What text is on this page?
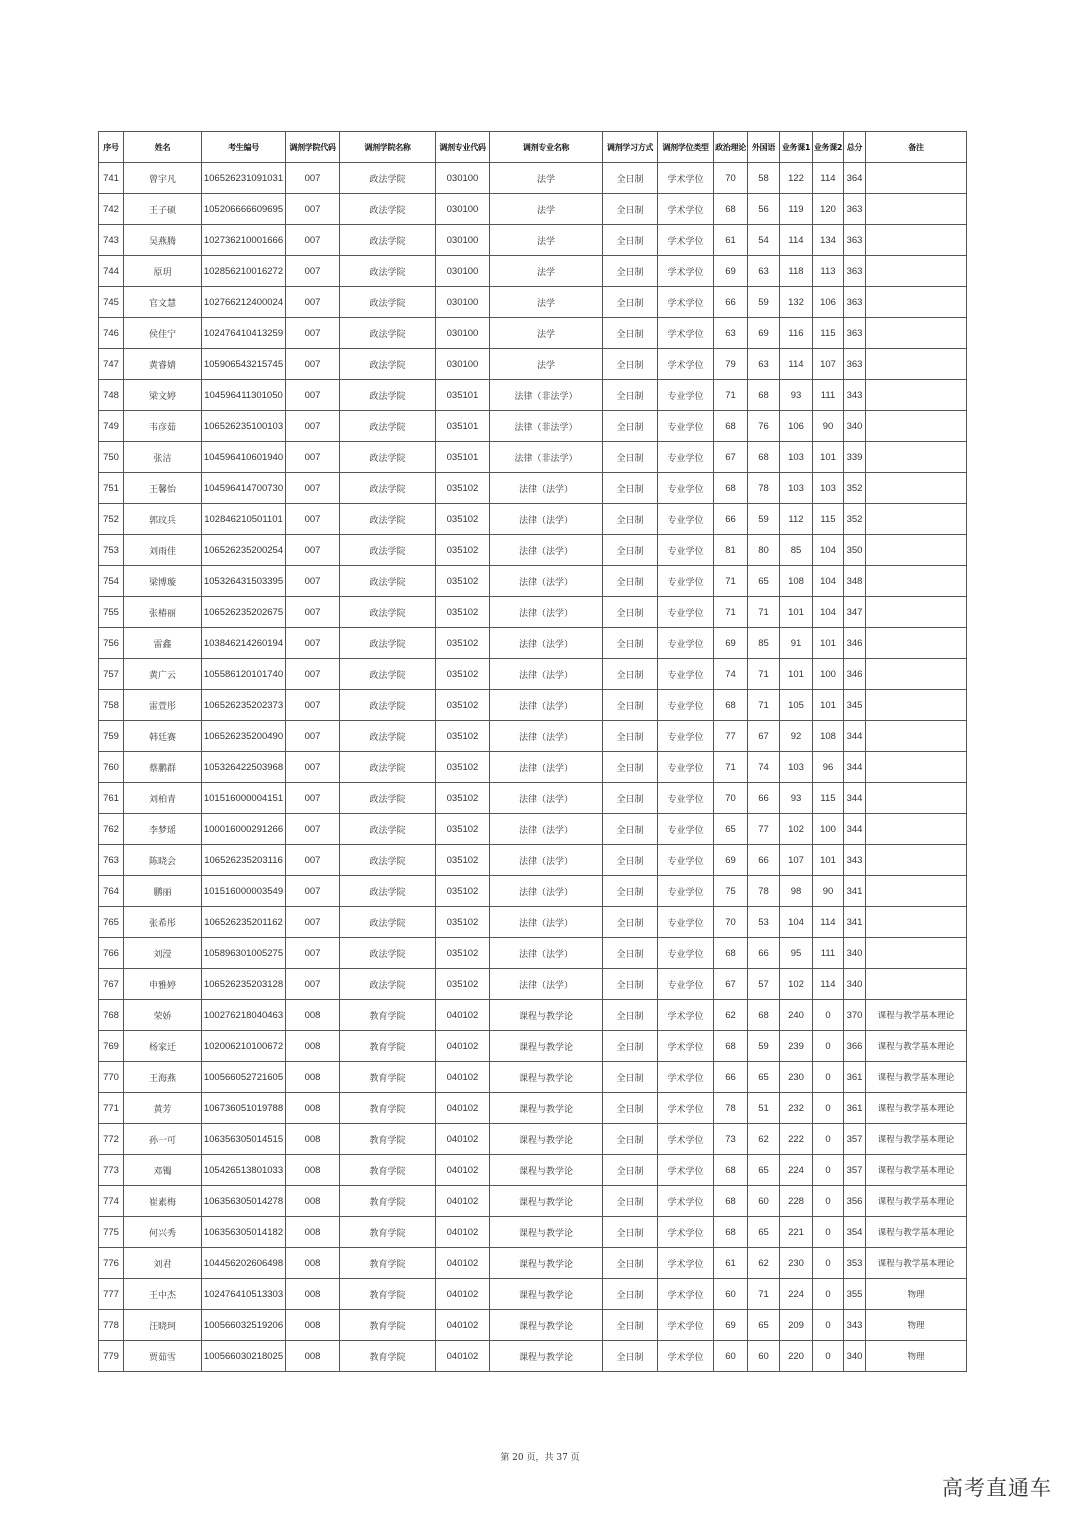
序号	姓名	考生编号	调剂学院代码	调剂学院名称	调剂专业代码	调剂专业名称	调剂学习方式	调剂学位类型	政治理论	外国语	业务课1	业务课2	总分	备注
741	曾宇凡	106526231091031	007	政法学院	030100	法学	全日制	学术学位	70	58	122	114	364	
742	王子硕	105206666609695	007	政法学院	030100	法学	全日制	学术学位	68	56	119	120	363	
743	吴燕腾	102736210001666	007	政法学院	030100	法学	全日制	学术学位	61	54	114	134	363	
744	原玥	102856210016272	007	政法学院	030100	法学	全日制	学术学位	69	63	118	113	363	
745	官文慧	102766212400024	007	政法学院	030100	法学	全日制	学术学位	66	59	132	106	363	
746	侯佳宁	102476410413259	007	政法学院	030100	法学	全日制	学术学位	63	69	116	115	363	
747	黄睿婧	105906543215745	007	政法学院	030100	法学	全日制	学术学位	79	63	114	107	363	
748	梁文婷	104596411301050	007	政法学院	035101	法律（非法学）	全日制	专业学位	71	68	93	111	343	
749	韦彦茹	106526235100103	007	政法学院	035101	法律（非法学）	全日制	专业学位	68	76	106	90	340	
750	张洁	104596410601940	007	政法学院	035101	法律（非法学）	全日制	专业学位	67	68	103	101	339	
751	王馨怡	104596414700730	007	政法学院	035102	法律（法学）	全日制	专业学位	68	78	103	103	352	
752	郭玟兵	102846210501101	007	政法学院	035102	法律（法学）	全日制	专业学位	66	59	112	115	352	
753	刘雨佳	106526235200254	007	政法学院	035102	法律（法学）	全日制	专业学位	81	80	85	104	350	
754	梁博璇	105326431503395	007	政法学院	035102	法律（法学）	全日制	专业学位	71	65	108	104	348	
755	张椿丽	106526235202675	007	政法学院	035102	法律（法学）	全日制	专业学位	71	71	101	104	347	
756	雷鑫	103846214260194	007	政法学院	035102	法律（法学）	全日制	专业学位	69	85	91	101	346	
757	黄广云	105586120101740	007	政法学院	035102	法律（法学）	全日制	专业学位	74	71	101	100	346	
758	雷萱彤	106526235202373	007	政法学院	035102	法律（法学）	全日制	专业学位	68	71	105	101	345	
759	韩廷赛	106526235200490	007	政法学院	035102	法律（法学）	全日制	专业学位	77	67	92	108	344	
760	蔡鹏群	105326422503968	007	政法学院	035102	法律（法学）	全日制	专业学位	71	74	103	96	344	
761	刘柏青	101516000004151	007	政法学院	035102	法律（法学）	全日制	专业学位	70	66	93	115	344	
762	李梦瑶	100016000291266	007	政法学院	035102	法律（法学）	全日制	专业学位	65	77	102	100	344	
763	陈晓会	106526235203116	007	政法学院	035102	法律（法学）	全日制	专业学位	69	66	107	101	343	
764	鹏丽	101516000003549	007	政法学院	035102	法律（法学）	全日制	专业学位	75	78	98	90	341	
765	张希彤	106526235201162	007	政法学院	035102	法律（法学）	全日制	专业学位	70	53	104	114	341	
766	刘滢	105896301005275	007	政法学院	035102	法律（法学）	全日制	专业学位	68	66	95	111	340	
767	申雅婷	106526235203128	007	政法学院	035102	法律（法学）	全日制	专业学位	67	57	102	114	340	
768	荣娇	100276218040463	008	教育学院	040102	课程与教学论	全日制	学术学位	62	68	240	0	370	课程与教学基本理论
769	杨家迁	102006210100672	008	教育学院	040102	课程与教学论	全日制	学术学位	68	59	239	0	366	课程与教学基本理论
770	王海燕	100566052721605	008	教育学院	040102	课程与教学论	全日制	学术学位	66	65	230	0	361	课程与教学基本理论
771	黄芳	106736051019788	008	教育学院	040102	课程与教学论	全日制	学术学位	78	51	232	0	361	课程与教学基本理论
772	孙一可	106356305014515	008	教育学院	040102	课程与教学论	全日制	学术学位	73	62	222	0	357	课程与教学基本理论
773	邓镯	105426513801033	008	教育学院	040102	课程与教学论	全日制	学术学位	68	65	224	0	357	课程与教学基本理论
774	崔素梅	106356305014278	008	教育学院	040102	课程与教学论	全日制	学术学位	68	60	228	0	356	课程与教学基本理论
775	何兴秀	106356305014182	008	教育学院	040102	课程与教学论	全日制	学术学位	68	65	221	0	354	课程与教学基本理论
776	刘君	104456202606498	008	教育学院	040102	课程与教学论	全日制	学术学位	61	62	230	0	353	课程与教学基本理论
777	王中杰	102476410513303	008	教育学院	040102	课程与教学论	全日制	学术学位	60	71	224	0	355	物理
778	汪晓珂	100566032519206	008	教育学院	040102	课程与教学论	全日制	学术学位	69	65	209	0	343	物理
779	贾茹雪	100566030218025	008	教育学院	040102	课程与教学论	全日制	学术学位	60	60	220	0	340	物理
第 20 页，共 37 页
高考直通车
